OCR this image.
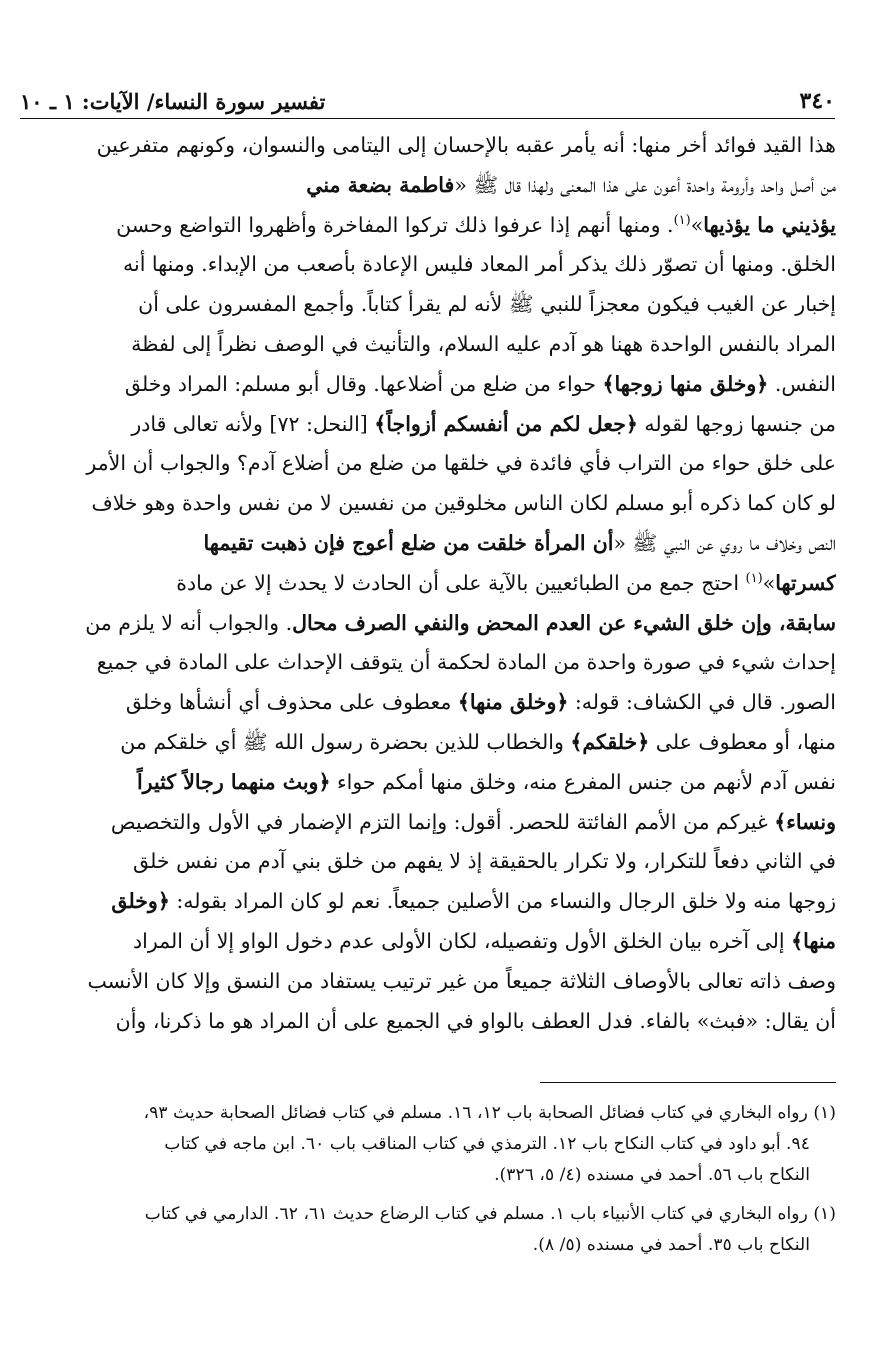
تفسير سورة النساء/ الآيات: ١ ـ ١٠	٣٤٠
هذا القيد فوائد أخر منها: أنه يأمر عقبه بالإحسان إلى اليتامى والنسوان، وكونهم متفرعين
من أصل واحد وأرومة واحدة أعون على هذا المعنى ولهذا قال ﷺ «فاطمة بضعة مني
يؤذيني ما يؤذيها»$^{(١)}$. ومنها أنهم إذا عرفوا ذلك تركوا المفاخرة وأظهروا التواضع وحسن
الخلق. ومنها أن تصوّر ذلك يذكر أمر المعاد فليس الإعادة بأصعب من الإبداء. ومنها أنه
إخبار عن الغيب فيكون معجزاً للنبي ﷺ لأنه لم يقرأ كتاباً. وأجمع المفسرون على أن
المراد بالنفس الواحدة ههنا هو آدم عليه السلام، والتأنيث في الوصف نظراً إلى لفظة
النفس. ﴿وخلق منها زوجها﴾ حواء من ضلع من أضلاعها. وقال أبو مسلم: المراد وخلق
من جنسها زوجها لقوله ﴿جعل لكم من أنفسكم أزواجاً﴾ [النحل: ٧٢] ولأنه تعالى قادر
على خلق حواء من التراب فأي فائدة في خلقها من ضلع من أضلاع آدم؟ والجواب أن الأمر
لو كان كما ذكره أبو مسلم لكان الناس مخلوقين من نفسين لا من نفس واحدة وهو خلاف
النص وخلاف ما روي عن النبي ﷺ «أن المرأة خلقت من ضلع أعوج فإن ذهبت تقيمها
كسرتها»$^{(١)}$ احتج جمع من الطبائعيين بالآية على أن الحادث لا يحدث إلا عن مادة
سابقة، وإن خلق الشيء عن العدم المحض والنفي الصرف محال. والجواب أنه لا يلزم من
إحداث شيء في صورة واحدة من المادة لحكمة أن يتوقف الإحداث على المادة في جميع
الصور. قال في الكشاف: قوله: ﴿وخلق منها﴾ معطوف على محذوف أي أنشأها وخلق
منها، أو معطوف على ﴿خلقكم﴾ والخطاب للذين بحضرة رسول الله ﷺ أي خلقكم من
نفس آدم لأنهم من جنس المفرع منه، وخلق منها أمكم حواء ﴿وبث منهما رجالاً كثيراً
ونساء﴾ غيركم من الأمم الفائتة للحصر. أقول: وإنما التزم الإضمار في الأول والتخصيص
في الثاني دفعاً للتكرار، ولا تكرار بالحقيقة إذ لا يفهم من خلق بني آدم من نفس خلق
زوجها منه ولا خلق الرجال والنساء من الأصلين جميعاً. نعم لو كان المراد بقوله: ﴿وخلق
منها﴾ إلى آخره بيان الخلق الأول وتفصيله، لكان الأولى عدم دخول الواو إلا أن المراد
وصف ذاته تعالى بالأوصاف الثلاثة جميعاً من غير ترتيب يستفاد من النسق وإلا كان الأنسب
أن يقال: «فبث» بالفاء. فدل العطف بالواو في الجميع على أن المراد هو ما ذكرنا، وأن
(١) رواه البخاري في كتاب فضائل الصحابة باب ١٢، ١٦. مسلم في كتاب فضائل الصحابة حديث ٩٣،
٩٤. أبو داود في كتاب النكاح باب ١٢. الترمذي في كتاب المناقب باب ٦٠. ابن ماجه في كتاب
النكاح باب ٥٦. أحمد في مسنده (٤/ ٥، ٣٢٦).
(١) رواه البخاري في كتاب الأنبياء باب ١. مسلم في كتاب الرضاع حديث ٦١، ٦٢. الدارمي في كتاب
النكاح باب ٣٥. أحمد في مسنده (٥/ ٨).
